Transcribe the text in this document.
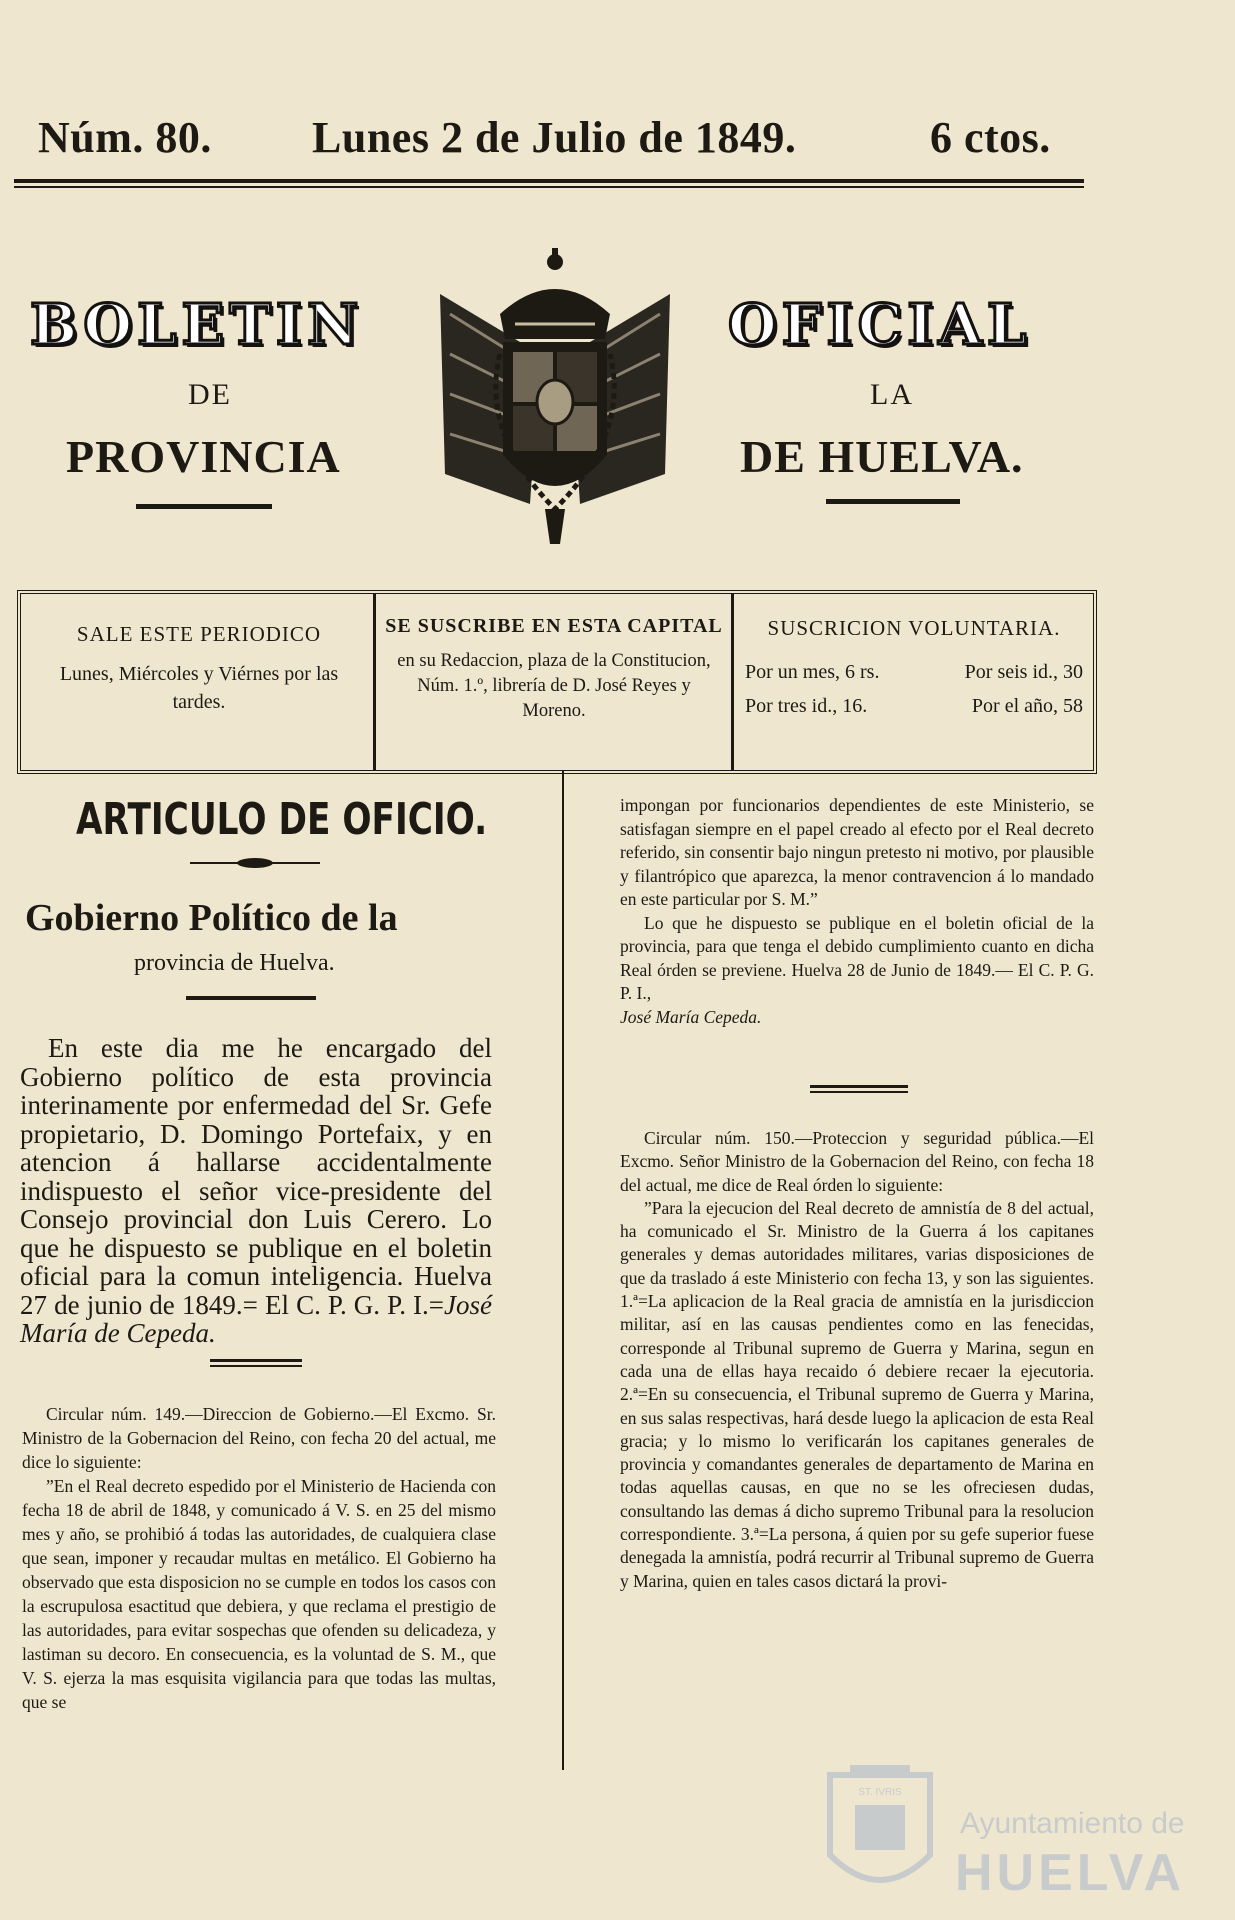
Núm. 80. Lunes 2 de Julio de 1849.	6 ctos.
BOLETIN
DE
PROVINCIA
OFICIAL
LA
DE HUELVA.
SALE ESTE PERIODICO
Lunes, Miércoles y Viérnes por las tardes.
SE SUSCRIBE EN ESTA CAPITAL
en su Redaccion, plaza de la Constitucion, Núm. 1.º, librería de D. José Reyes y Moreno.
SUSCRICION VOLUNTARIA.
Por un mes, 6 rs.	Por seis id., 30
Por tres id., 16.	Por el año, 58
ARTICULO DE OFICIO.
Gobierno Político de la
provincia de Huelva.

En este dia me he encargado del Gobierno político de esta provincia interinamente por enfermedad del Sr. Gefe propietario, D. Domingo Portefaix, y en atencion á hallarse accidentalmente indispuesto el señor vice-presidente del Consejo provincial don Luis Cerero. Lo que he dispuesto se publique en el boletin oficial para la comun inteligencia. Huelva 27 de junio de 1849.= El C. P. G. P. I.=José María de Cepeda.

Circular núm. 149.—Direccion de Gobierno.—El Excmo. Sr. Ministro de la Gobernacion del Reino, con fecha 20 del actual, me dice lo siguiente:

”En el Real decreto espedido por el Ministerio de Hacienda con fecha 18 de abril de 1848, y comunicado á V. S. en 25 del mismo mes y año, se prohibió á todas las autoridades, de cualquiera clase que sean, imponer y recaudar multas en metálico. El Gobierno ha observado que esta disposicion no se cumple en todos los casos con la escrupulosa esactitud que debiera, y que reclama el prestigio de las autoridades, para evitar sospechas que ofenden su delicadeza, y lastiman su decoro. En consecuencia, es la voluntad de S. M., que V. S. ejerza la mas esquisita vigilancia para que todas las multas, que se

impongan por funcionarios dependientes de este Ministerio, se satisfagan siempre en el papel creado al efecto por el Real decreto referido, sin consentir bajo ningun pretesto ni motivo, por plausible y filantrópico que aparezca, la menor contravencion á lo mandado en este particular por S. M.”

Lo que he dispuesto se publique en el boletin oficial de la provincia, para que tenga el debido cumplimiento cuanto en dicha Real órden se previene. Huelva 28 de Junio de 1849.— El C. P. G. P. I.,
José María Cepeda.

Circular núm. 150.—Proteccion y seguridad pública.—El Excmo. Señor Ministro de la Gobernacion del Reino, con fecha 18 del actual, me dice de Real órden lo siguiente:

”Para la ejecucion del Real decreto de amnistía de 8 del actual, ha comunicado el Sr. Ministro de la Guerra á los capitanes generales y demas autoridades militares, varias disposiciones de que da traslado á este Ministerio con fecha 13, y son las siguientes. 1.ª=La aplicacion de la Real gracia de amnistía en la jurisdiccion militar, así en las causas pendientes como en las fenecidas, corresponde al Tribunal supremo de Guerra y Marina, segun en cada una de ellas haya recaido ó debiere recaer la ejecutoria. 2.ª=En su consecuencia, el Tribunal supremo de Guerra y Marina, en sus salas respectivas, hará desde luego la aplicacion de esta Real gracia; y lo mismo lo verificarán los capitanes generales de provincia y comandantes generales de departamento de Marina en todas aquellas causas, en que no se les ofreciesen dudas, consultando las demas á dicho supremo Tribunal para la resolucion correspondiente. 3.ª=La persona, á quien por su gefe superior fuese denegada la amnistía, podrá recurrir al Tribunal supremo de Guerra y Marina, quien en tales casos dictará la provi-

ST. IVRIS
Ayuntamiento de
HUELVA
